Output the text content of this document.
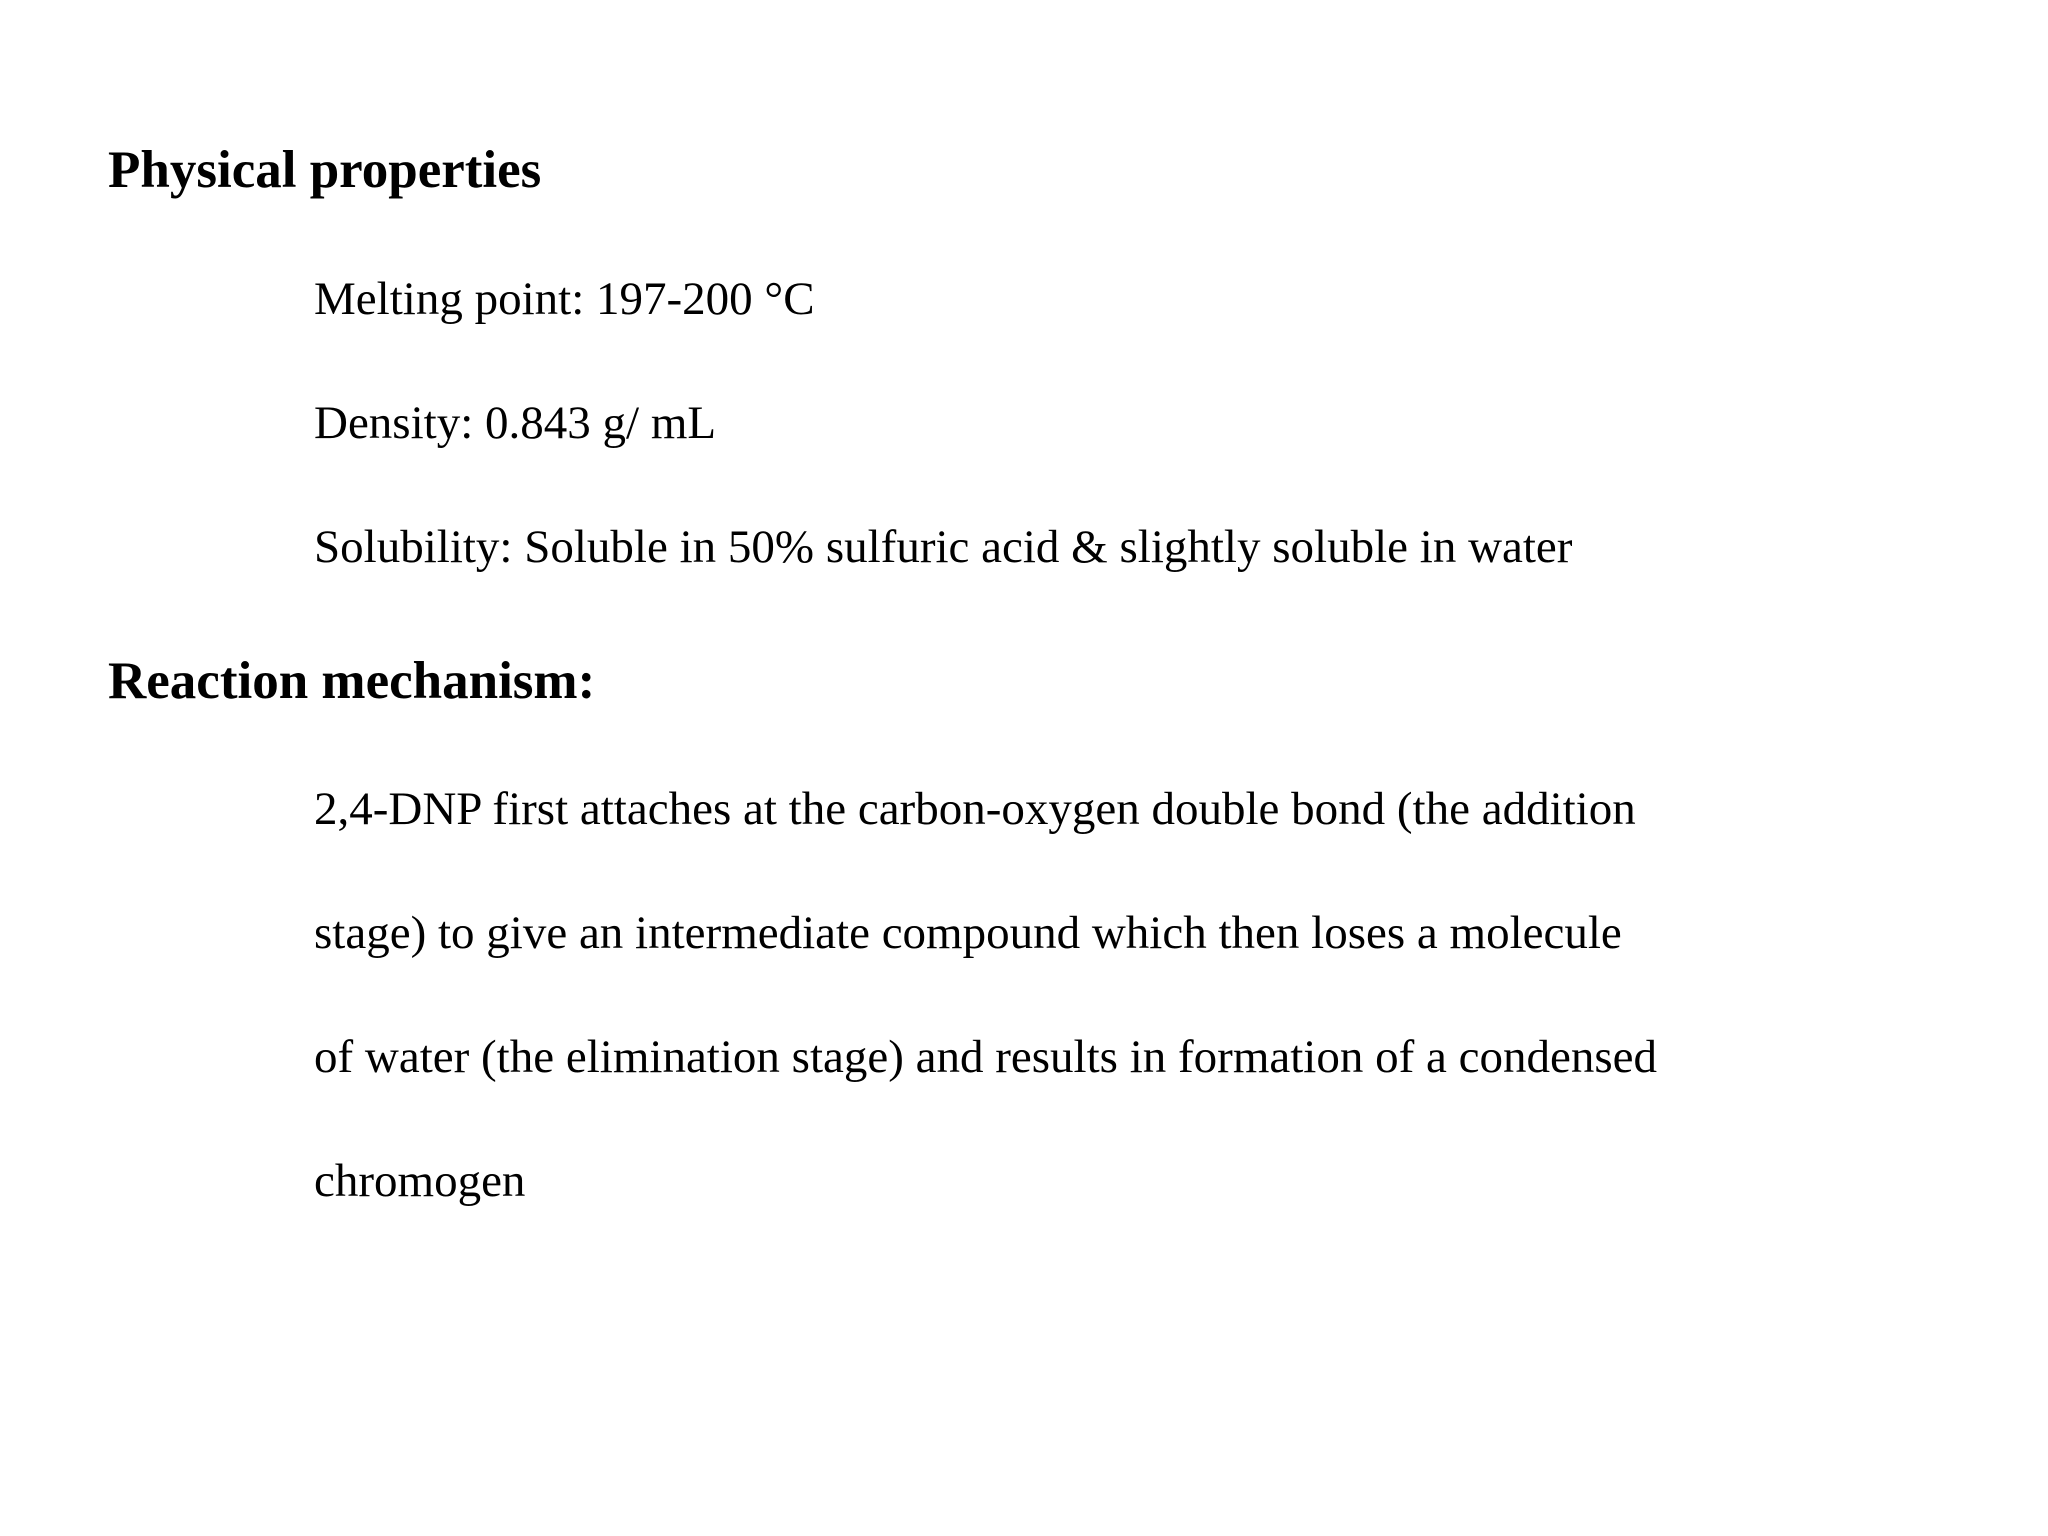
Physical properties

Melting point: 197-200 °C

Density: 0.843 g/ mL

Solubility: Soluble in 50% sulfuric acid & slightly soluble in water

Reaction mechanism:

2,4-DNP first attaches at the carbon-oxygen double bond (the addition

stage) to give an intermediate compound which then loses a molecule

of water (the elimination stage) and results in formation of a condensed

chromogen
